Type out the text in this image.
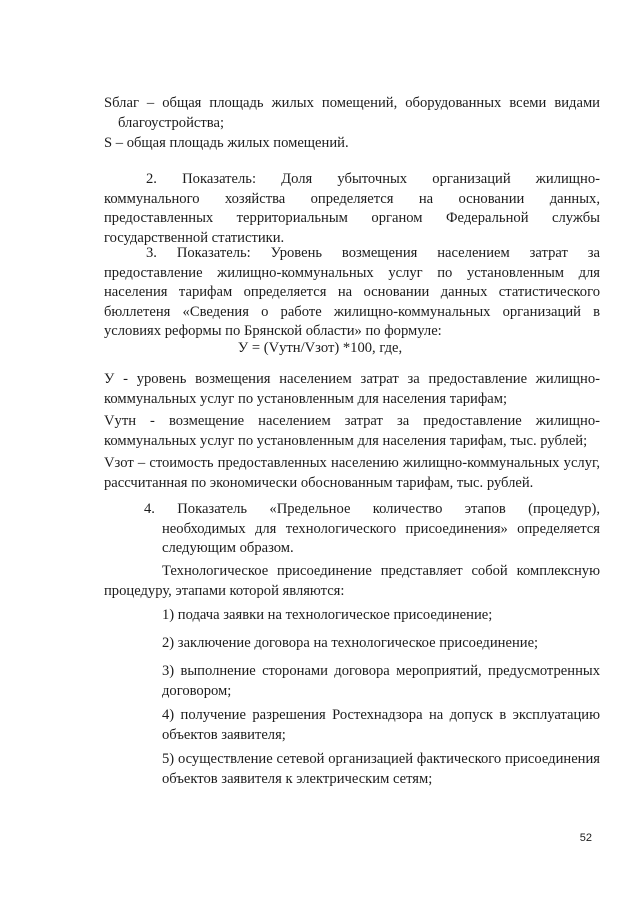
Sблаг – общая площадь жилых помещений, оборудованных всеми видами
благоустройства;
S – общая площадь жилых помещений.
2. Показатель: Доля убыточных организаций жилищно-
коммунального хозяйства определяется на основании данных,
предоставленных территориальным органом Федеральной службы
государственной статистики.
3. Показатель: Уровень возмещения населением затрат за
предоставление жилищно-коммунальных услуг по установленным для
населения тарифам определяется на основании данных статистического
бюллетеня «Сведения о работе жилищно-коммунальных организаций в
условиях реформы по Брянской области» по формуле:
У = (Vутн/Vзот) *100, где,
У - уровень возмещения населением затрат за предоставление жилищно-
коммунальных услуг по установленным для населения тарифам;
Vутн - возмещение населением затрат за предоставление жилищно-
коммунальных услуг по установленным для населения тарифам, тыс. рублей;
Vзот – стоимость предоставленных населению жилищно-коммунальных услуг,
рассчитанная по экономически обоснованным тарифам, тыс. рублей.
4. Показатель «Предельное количество этапов (процедур),
необходимых для технологического присоединения» определяется
следующим образом.
Технологическое присоединение представляет собой комплексную
процедуру, этапами которой являются:
1) подача заявки на технологическое присоединение;
2) заключение договора на технологическое присоединение;
3) выполнение сторонами договора мероприятий, предусмотренных
договором;
4) получение разрешения Ростехнадзора на допуск в эксплуатацию
объектов заявителя;
5) осуществление сетевой организацией фактического присоединения
объектов заявителя к электрическим сетям;
52
